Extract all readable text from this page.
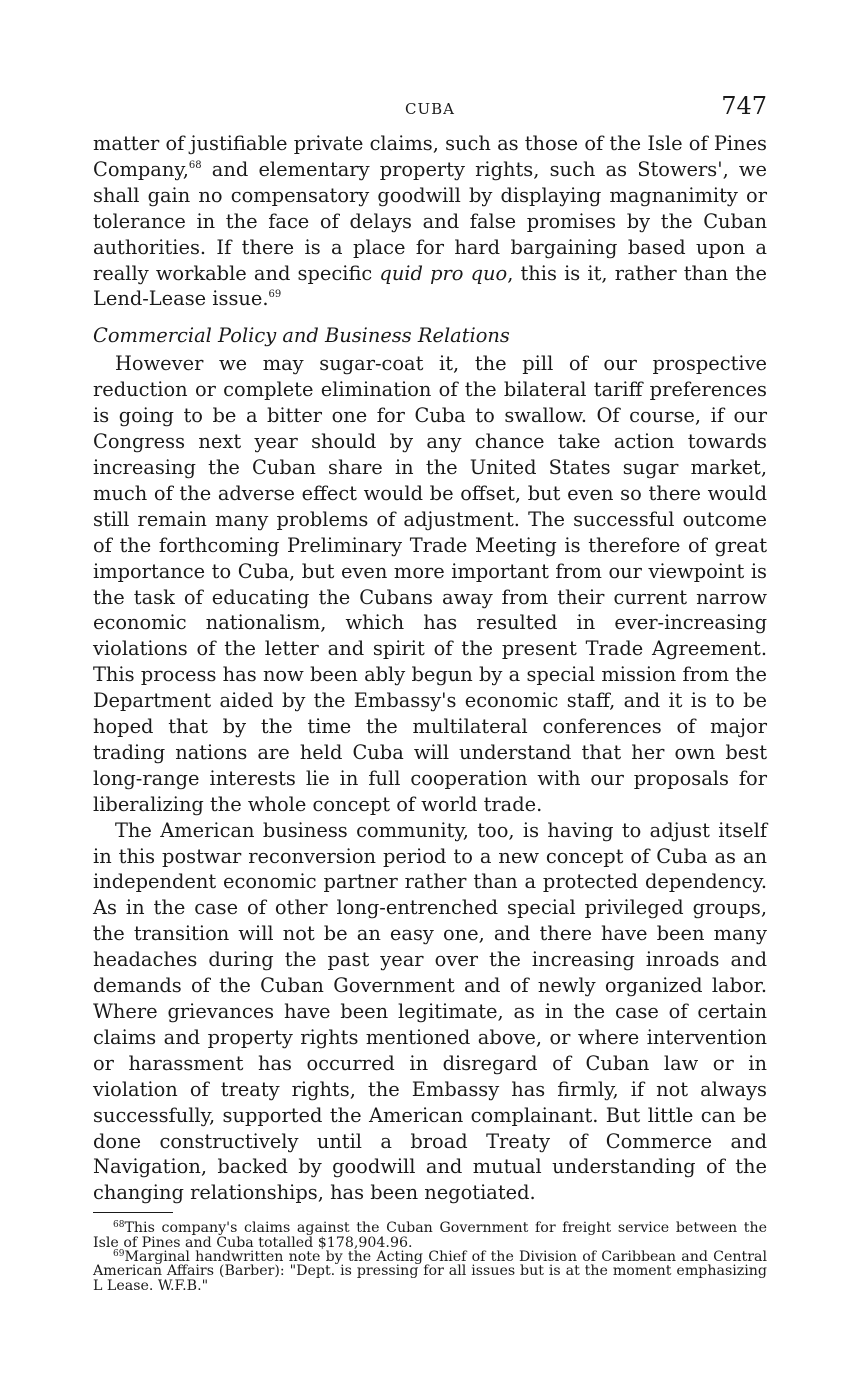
CUBA	747

matter of justifiable private claims, such as those of the Isle of Pines Company,$^{68}$ and elementary property rights, such as Stowers', we shall gain no compensatory goodwill by displaying magnanimity or tolerance in the face of delays and false promises by the Cuban authorities. If there is a place for hard bargaining based upon a really workable and specific quid pro quo, this is it, rather than the Lend-Lease issue.$^{69}$

Commercial Policy and Business Relations

However we may sugar-coat it, the pill of our prospective reduction or complete elimination of the bilateral tariff preferences is going to be a bitter one for Cuba to swallow. Of course, if our Congress next year should by any chance take action towards increasing the Cuban share in the United States sugar market, much of the adverse effect would be offset, but even so there would still remain many problems of adjustment. The successful outcome of the forthcoming Preliminary Trade Meeting is therefore of great importance to Cuba, but even more important from our viewpoint is the task of educating the Cubans away from their current narrow economic nationalism, which has resulted in ever-increasing violations of the letter and spirit of the present Trade Agreement. This process has now been ably begun by a special mission from the Department aided by the Embassy's economic staff, and it is to be hoped that by the time the multilateral conferences of major trading nations are held Cuba will understand that her own best long-range interests lie in full cooperation with our proposals for liberalizing the whole concept of world trade.

The American business community, too, is having to adjust itself in this postwar reconversion period to a new concept of Cuba as an independent economic partner rather than a protected dependency. As in the case of other long-entrenched special privileged groups, the transition will not be an easy one, and there have been many headaches during the past year over the increasing inroads and demands of the Cuban Government and of newly organized labor. Where grievances have been legitimate, as in the case of certain claims and property rights mentioned above, or where intervention or harassment has occurred in disregard of Cuban law or in violation of treaty rights, the Embassy has firmly, if not always successfully, supported the American complainant. But little can be done constructively until a broad Treaty of Commerce and Navigation, backed by goodwill and mutual understanding of the changing relationships, has been negotiated.

$^{68}$This company's claims against the Cuban Government for freight service between the Isle of Pines and Cuba totalled $178,904.96.

$^{69}$Marginal handwritten note by the Acting Chief of the Division of Caribbean and Central American Affairs (Barber): "Dept. is pressing for all issues but is at the moment emphasizing L Lease. W.F.B."
